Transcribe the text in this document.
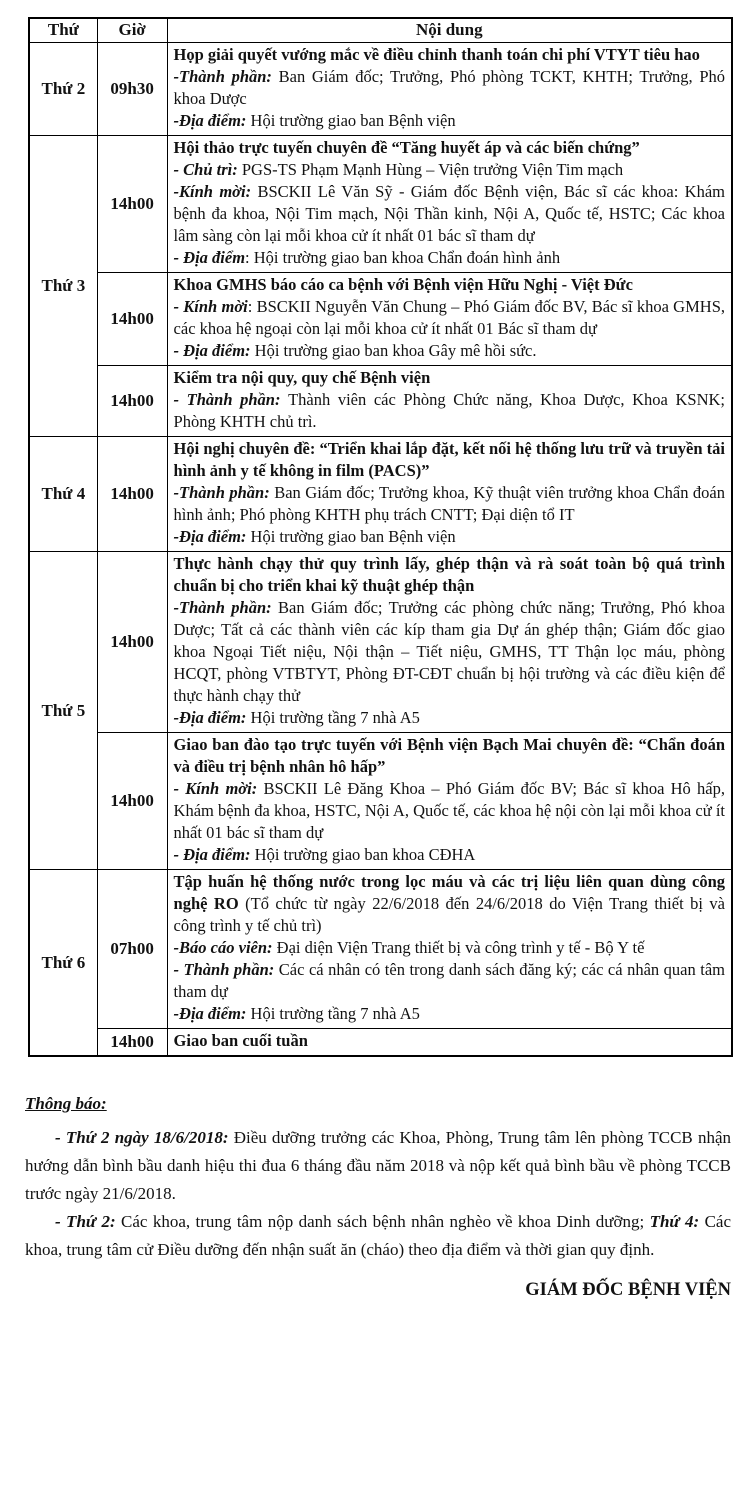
Thứ	Giờ	Nội dung
Thứ 2	09h30	Họp giải quyết vướng mắc về điều chỉnh thanh toán chi phí VTYT tiêu hao
-Thành phần: Ban Giám đốc; Trưởng, Phó phòng TCKT, KHTH; Trưởng, Phó khoa Dược
-Địa điểm: Hội trường giao ban Bệnh viện

Thứ 3	14h00	Hội thảo trực tuyến chuyên đề “Tăng huyết áp và các biến chứng”
- Chủ trì: PGS-TS Phạm Mạnh Hùng – Viện trưởng Viện Tim mạch
-Kính mời: BSCKII Lê Văn Sỹ - Giám đốc Bệnh viện, Bác sĩ các khoa: Khám bệnh đa khoa, Nội Tim mạch, Nội Thần kinh, Nội A, Quốc tế, HSTC; Các khoa lâm sàng còn lại mỗi khoa cử ít nhất 01 bác sĩ tham dự
- Địa điểm: Hội trường giao ban khoa Chẩn đoán hình ảnh

	14h00	Khoa GMHS báo cáo ca bệnh với Bệnh viện Hữu Nghị - Việt Đức
- Kính mời: BSCKII Nguyễn Văn Chung – Phó Giám đốc BV, Bác sĩ khoa GMHS, các khoa hệ ngoại còn lại mỗi khoa cử ít nhất 01 Bác sĩ tham dự
- Địa điểm: Hội trường giao ban khoa Gây mê hồi sức.

	14h00	Kiểm tra nội quy, quy chế Bệnh viện
- Thành phần: Thành viên các Phòng Chức năng, Khoa Dược, Khoa KSNK; Phòng KHTH chủ trì.

Thứ 4	14h00	Hội nghị chuyên đề: “Triển khai lắp đặt, kết nối hệ thống lưu trữ và truyền tải hình ảnh y tế không in film (PACS)”
-Thành phần: Ban Giám đốc; Trưởng khoa, Kỹ thuật viên trưởng khoa Chẩn đoán hình ảnh; Phó phòng KHTH phụ trách CNTT; Đại diện tổ IT
-Địa điểm: Hội trường giao ban Bệnh viện

Thứ 5	14h00	Thực hành chạy thử quy trình lấy, ghép thận và rà soát toàn bộ quá trình chuẩn bị cho triển khai kỹ thuật ghép thận
-Thành phần: Ban Giám đốc; Trưởng các phòng chức năng; Trưởng, Phó khoa Dược; Tất cả các thành viên các kíp tham gia Dự án ghép thận; Giám đốc giao khoa Ngoại Tiết niệu, Nội thận – Tiết niệu, GMHS, TT Thận lọc máu, phòng HCQT, phòng VTBTYT, Phòng ĐT-CĐT chuẩn bị hội trường và các điều kiện để thực hành chạy thử
-Địa điểm: Hội trường tầng 7 nhà A5

	14h00	Giao ban đào tạo trực tuyến với Bệnh viện Bạch Mai chuyên đề: “Chẩn đoán và điều trị bệnh nhân hô hấp”
- Kính mời: BSCKII Lê Đăng Khoa – Phó Giám đốc BV; Bác sĩ khoa Hô hấp, Khám bệnh đa khoa, HSTC, Nội A, Quốc tế, các khoa hệ nội còn lại mỗi khoa cử ít nhất 01 bác sĩ tham dự
- Địa điểm: Hội trường giao ban khoa CĐHA

Thứ 6	07h00	Tập huấn hệ thống nước trong lọc máu và các trị liệu liên quan dùng công nghệ RO (Tổ chức từ ngày 22/6/2018 đến 24/6/2018 do Viện Trang thiết bị và công trình y tế chủ trì)
-Báo cáo viên: Đại diện Viện Trang thiết bị và công trình y tế - Bộ Y tế
- Thành phần: Các cá nhân có tên trong danh sách đăng ký; các cá nhân quan tâm tham dự
-Địa điểm: Hội trường tầng 7 nhà A5

	14h00	Giao ban cuối tuần
Thông báo:

- Thứ 2 ngày 18/6/2018: Điều dưỡng trưởng các Khoa, Phòng, Trung tâm lên phòng TCCB nhận hướng dẫn bình bầu danh hiệu thi đua 6 tháng đầu năm 2018 và nộp kết quả bình bầu về phòng TCCB trước ngày 21/6/2018.

- Thứ 2: Các khoa, trung tâm nộp danh sách bệnh nhân nghèo về khoa Dinh dưỡng; Thứ 4: Các khoa, trung tâm cử Điều dưỡng đến nhận suất ăn (cháo) theo địa điểm và thời gian quy định.

GIÁM ĐỐC BỆNH VIỆN
